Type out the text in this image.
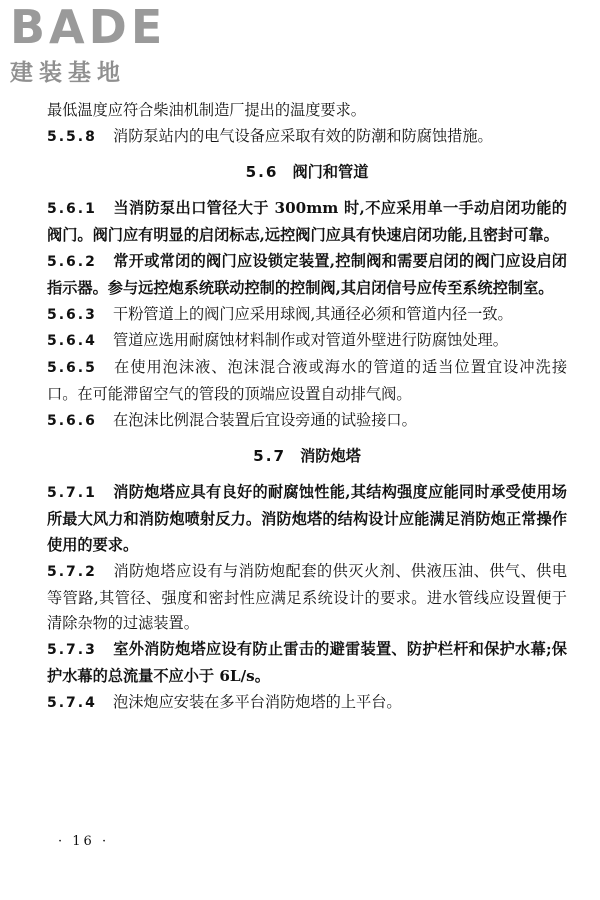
BADE
建装基地

最低温度应符合柴油机制造厂提出的温度要求。

5.5.8 消防泵站内的电气设备应采取有效的防潮和防腐蚀措施。

5.6 阀门和管道

5.6.1 当消防泵出口管径大于 300mm 时,不应采用单一手动启闭功能的阀门。阀门应有明显的启闭标志,远控阀门应具有快速启闭功能,且密封可靠。

5.6.2 常开或常闭的阀门应设锁定装置,控制阀和需要启闭的阀门应设启闭指示器。参与远控炮系统联动控制的控制阀,其启闭信号应传至系统控制室。

5.6.3 干粉管道上的阀门应采用球阀,其通径必须和管道内径一致。

5.6.4 管道应选用耐腐蚀材料制作或对管道外壁进行防腐蚀处理。

5.6.5 在使用泡沫液、泡沫混合液或海水的管道的适当位置宜设冲洗接口。在可能滞留空气的管段的顶端应设置自动排气阀。

5.6.6 在泡沫比例混合装置后宜设旁通的试验接口。

5.7 消防炮塔

5.7.1 消防炮塔应具有良好的耐腐蚀性能,其结构强度应能同时承受使用场所最大风力和消防炮喷射反力。消防炮塔的结构设计应能满足消防炮正常操作使用的要求。

5.7.2 消防炮塔应设有与消防炮配套的供灭火剂、供液压油、供气、供电等管路,其管径、强度和密封性应满足系统设计的要求。进水管线应设置便于清除杂物的过滤装置。

5.7.3 室外消防炮塔应设有防止雷击的避雷装置、防护栏杆和保护水幕;保护水幕的总流量不应小于 6L/s。

5.7.4 泡沫炮应安装在多平台消防炮塔的上平台。

· 16 ·
